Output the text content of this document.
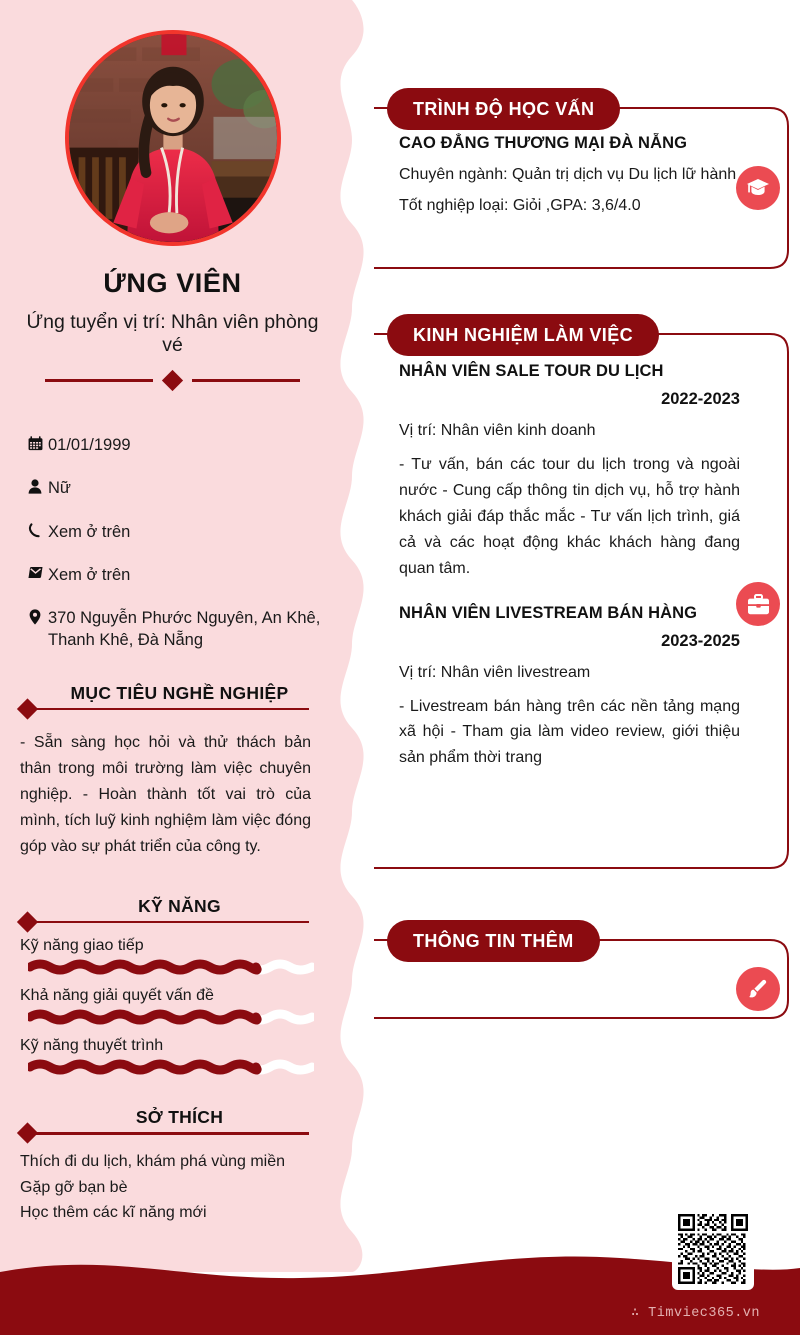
ỨNG VIÊN
Ứng tuyển vị trí: Nhân viên phòng vé
01/01/1999
Nữ
Xem ở trên
Xem ở trên
370 Nguyễn Phước Nguyên, An Khê, Thanh Khê, Đà Nẵng
MỤC TIÊU NGHỀ NGHIỆP
- Sẵn sàng học hỏi và thử thách bản thân trong môi trường làm việc chuyên nghiệp. - Hoàn thành tốt vai trò của mình, tích luỹ kinh nghiệm làm việc đóng góp vào sự phát triển của công ty.
KỸ NĂNG
Kỹ năng giao tiếp
Khả năng giải quyết vấn đề
Kỹ năng thuyết trình
SỞ THÍCH
Thích đi du lịch, khám phá vùng miền
Gặp gỡ bạn bè
Học thêm các kĩ năng mới
TRÌNH ĐỘ HỌC VẤN
CAO ĐẲNG THƯƠNG MẠI ĐÀ NẴNG
Chuyên ngành: Quản trị dịch vụ Du lịch lữ hành
Tốt nghiệp loại: Giỏi ,GPA: 3,6/4.0
KINH NGHIỆM LÀM VIỆC
NHÂN VIÊN SALE TOUR DU LỊCH
2022-2023
Vị trí: Nhân viên kinh doanh
- Tư vấn, bán các tour du lịch trong và ngoài nước - Cung cấp thông tin dịch vụ, hỗ trợ hành khách giải đáp thắc mắc - Tư vấn lịch trình, giá cả và các hoạt động khác khách hàng đang quan tâm.
NHÂN VIÊN LIVESTREAM BÁN HÀNG
2023-2025
Vị trí: Nhân viên livestream
- Livestream bán hàng trên các nền tảng mạng xã hội - Tham gia làm video review, giới thiệu sản phẩm thời trang
THÔNG TIN THÊM
∴ Timviec365.vn
